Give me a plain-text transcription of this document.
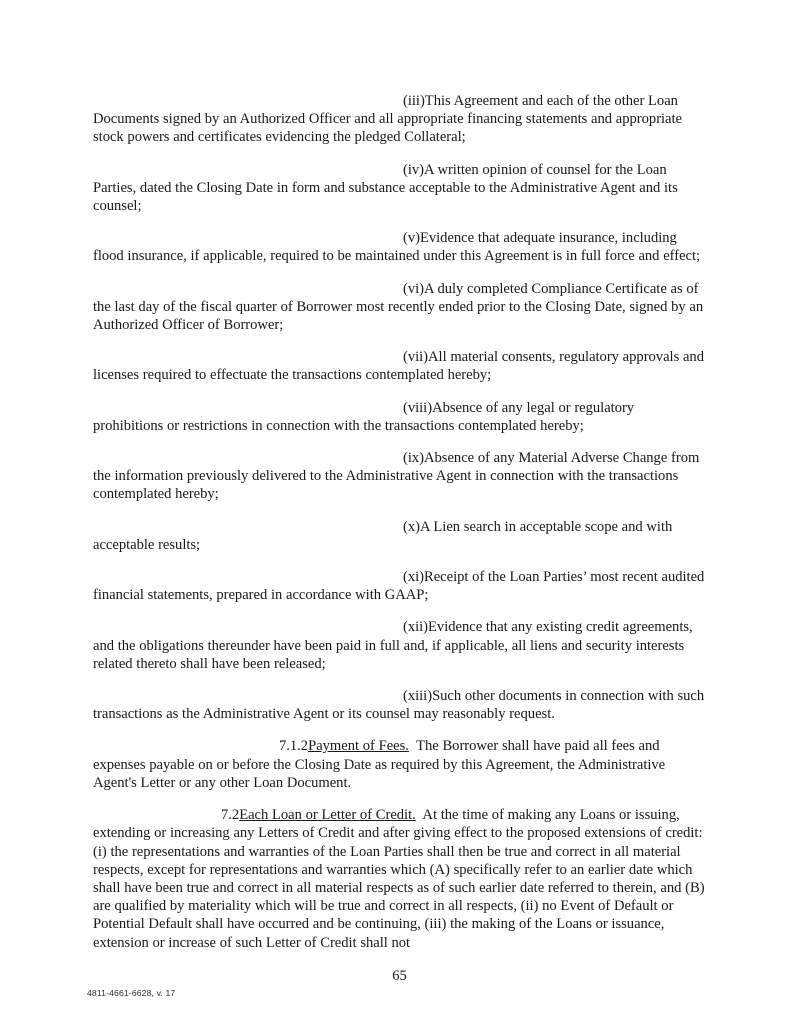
(iii)This Agreement and each of the other Loan Documents signed by an Authorized Officer and all appropriate financing statements and appropriate stock powers and certificates evidencing the pledged Collateral;

(iv)A written opinion of counsel for the Loan Parties, dated the Closing Date in form and substance acceptable to the Administrative Agent and its counsel;

(v)Evidence that adequate insurance, including flood insurance, if applicable, required to be maintained under this Agreement is in full force and effect;

(vi)A duly completed Compliance Certificate as of the last day of the fiscal quarter of Borrower most recently ended prior to the Closing Date, signed by an Authorized Officer of Borrower;

(vii)All material consents, regulatory approvals and licenses required to effectuate the transactions contemplated hereby;

(viii)Absence of any legal or regulatory prohibitions or restrictions in connection with the transactions contemplated hereby;

(ix)Absence of any Material Adverse Change from the information previously delivered to the Administrative Agent in connection with the transactions contemplated hereby;

(x)A Lien search in acceptable scope and with acceptable results;

(xi)Receipt of the Loan Parties’ most recent audited financial statements, prepared in accordance with GAAP;

(xii)Evidence that any existing credit agreements, and the obligations thereunder have been paid in full and, if applicable, all liens and security interests related thereto shall have been released;

(xiii)Such other documents in connection with such transactions as the Administrative Agent or its counsel may reasonably request.

7.1.2Payment of Fees. The Borrower shall have paid all fees and expenses payable on or before the Closing Date as required by this Agreement, the Administrative Agent's Letter or any other Loan Document.

7.2Each Loan or Letter of Credit. At the time of making any Loans or issuing, extending or increasing any Letters of Credit and after giving effect to the proposed extensions of credit: (i) the representations and warranties of the Loan Parties shall then be true and correct in all material respects, except for representations and warranties which (A) specifically refer to an earlier date which shall have been true and correct in all material respects as of such earlier date referred to therein, and (B) are qualified by materiality which will be true and correct in all respects, (ii) no Event of Default or Potential Default shall have occurred and be continuing, (iii) the making of the Loans or issuance, extension or increase of such Letter of Credit shall not

65
4811-4661-6628, v. 17
